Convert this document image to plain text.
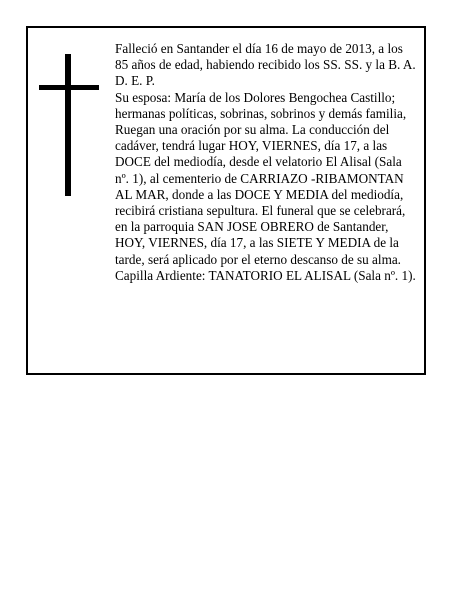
Falleció en Santander el día 16 de mayo de 2013, a los 85 años de edad, habiendo recibido los SS. SS. y la B. A.

D. E. P.

Su esposa: María de los Dolores Bengochea Castillo; hermanas políticas, sobrinas, sobrinos y demás familia, Ruegan una oración por su alma. La conducción del cadáver, tendrá lugar HOY, VIERNES, día 17, a las DOCE del mediodía, desde el velatorio El Alisal (Sala nº. 1), al cementerio de CARRIAZO -RIBAMONTAN AL MAR, donde a las DOCE Y MEDIA del mediodía, recibirá cristiana sepultura. El funeral que se celebrará, en la parroquia SAN JOSE OBRERO de Santander, HOY, VIERNES, día 17, a las SIETE Y MEDIA de la tarde, será aplicado por el eterno descanso de su alma. Capilla Ardiente: TANATORIO EL ALISAL (Sala nº. 1).
